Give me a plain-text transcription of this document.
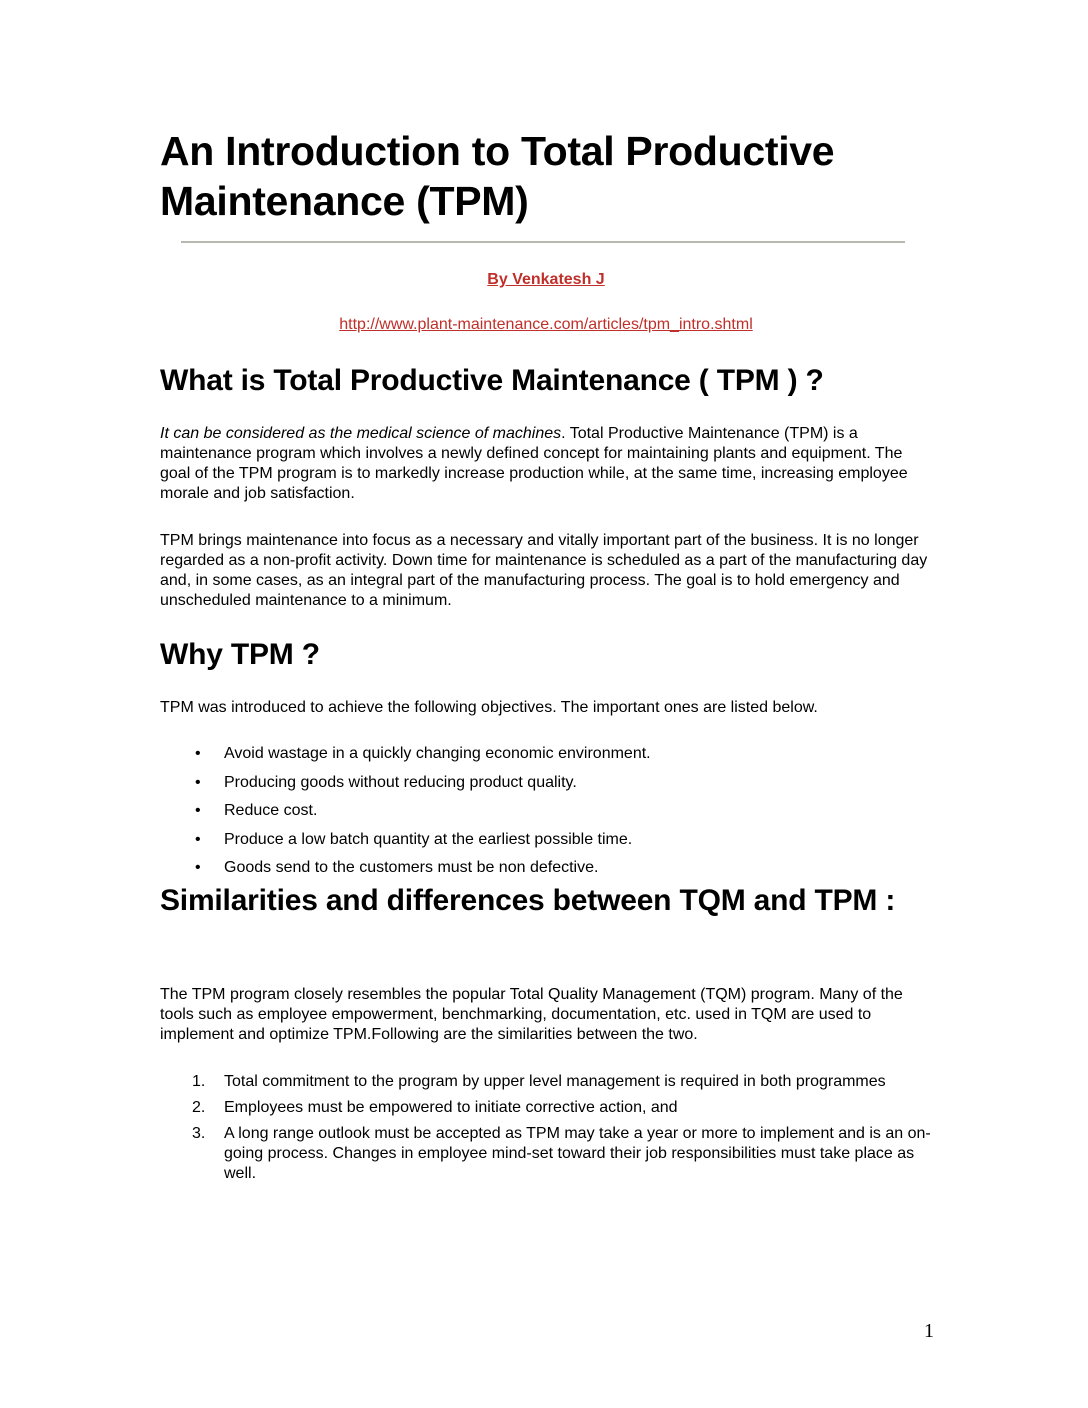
An Introduction to Total Productive Maintenance (TPM)
By Venkatesh J
http://www.plant-maintenance.com/articles/tpm_intro.shtml
What is Total Productive Maintenance ( TPM ) ?

It can be considered as the medical science of machines. Total Productive Maintenance (TPM) is a maintenance program which involves a newly defined concept for maintaining plants and equipment. The goal of the TPM program is to markedly increase production while, at the same time, increasing employee morale and job satisfaction.

TPM brings maintenance into focus as a necessary and vitally important part of the business. It is no longer regarded as a non-profit activity. Down time for maintenance is scheduled as a part of the manufacturing day and, in some cases, as an integral part of the manufacturing process. The goal is to hold emergency and unscheduled maintenance to a minimum.

Why TPM ?

TPM was introduced to achieve the following objectives. The important ones are listed below.

• Avoid wastage in a quickly changing economic environment.
• Producing goods without reducing product quality.
• Reduce cost.
• Produce a low batch quantity at the earliest possible time.
• Goods send to the customers must be non defective.
Similarities and differences between TQM and TPM :

The TPM program closely resembles the popular Total Quality Management (TQM) program. Many of the tools such as employee empowerment, benchmarking, documentation, etc. used in TQM are used to implement and optimize TPM.Following are the similarities between the two.

1. Total commitment to the program by upper level management is required in both programmes
2. Employees must be empowered to initiate corrective action, and
3. A long range outlook must be accepted as TPM may take a year or more to implement and is an on-going process. Changes in employee mind-set toward their job responsibilities must take place as well.
1
